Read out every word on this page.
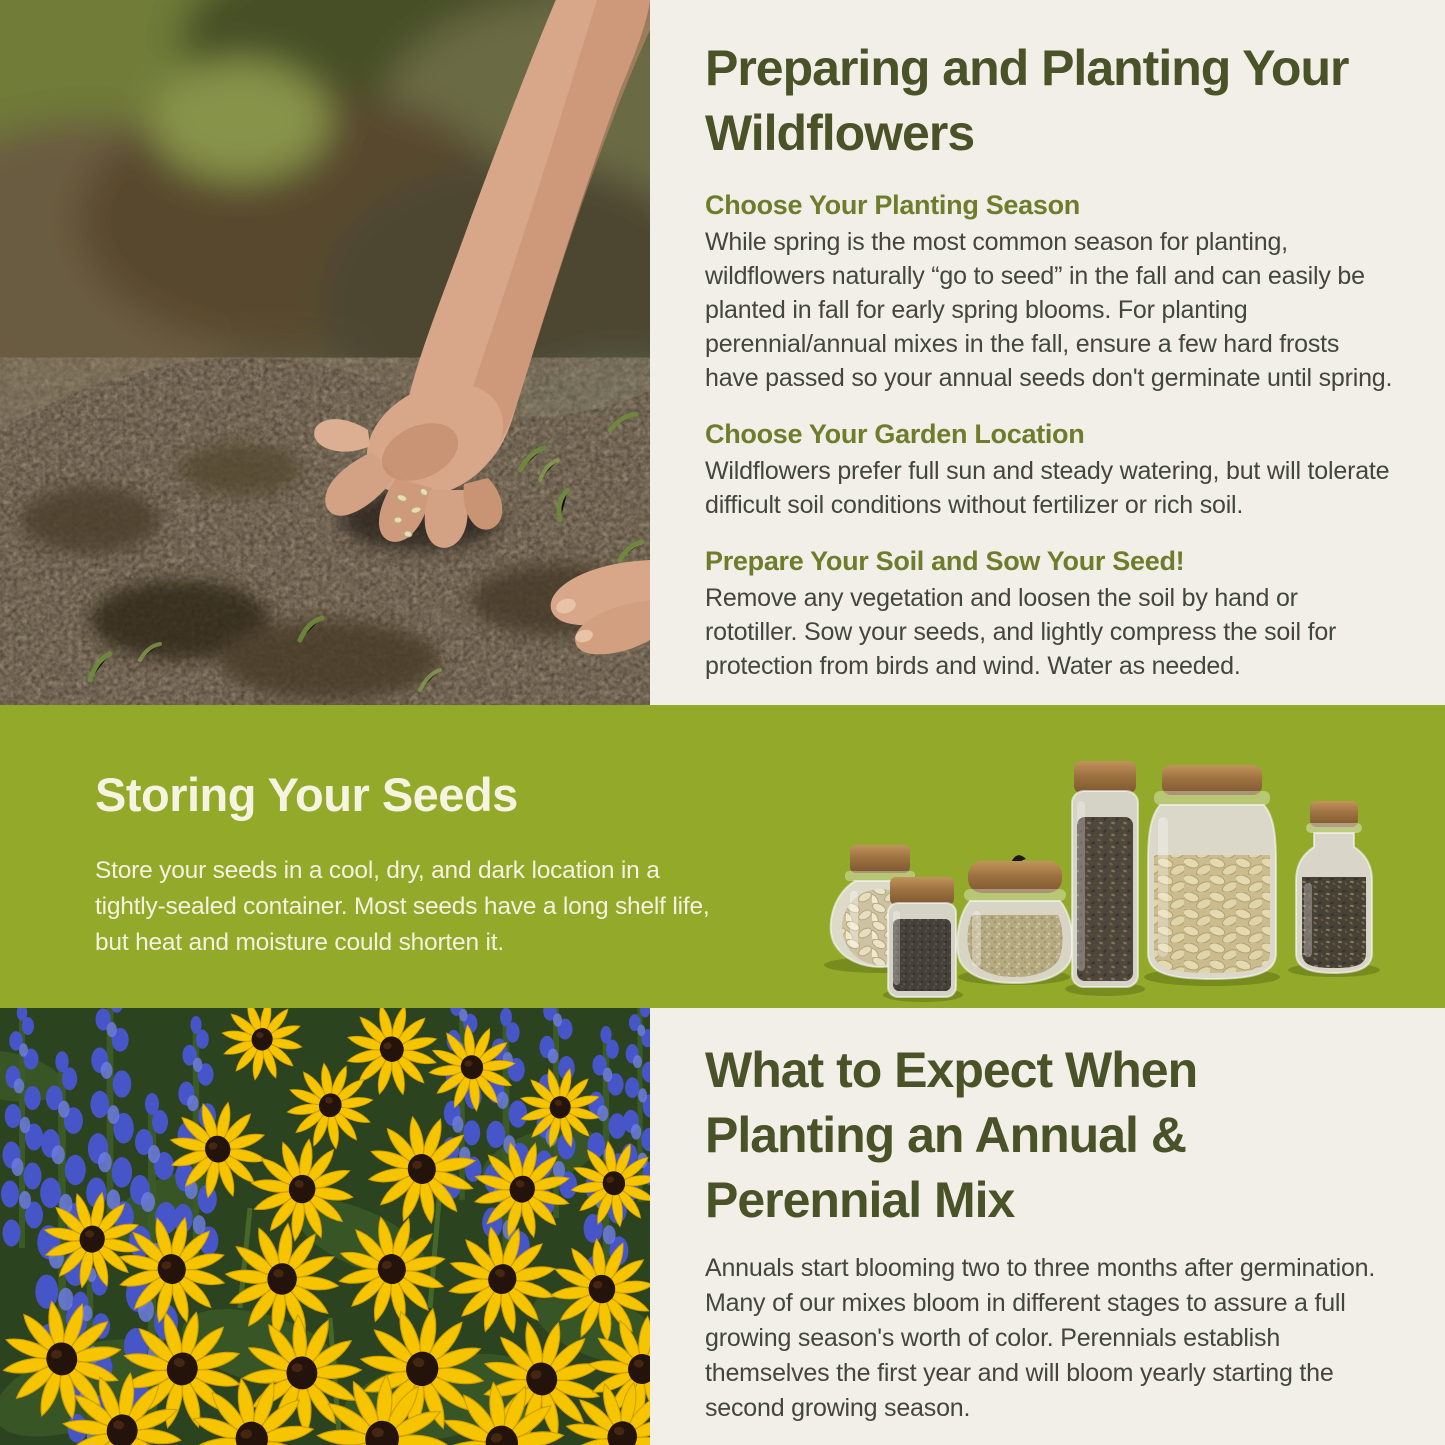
Preparing and Planting Your Wildflowers

Choose Your Planting Season

While spring is the most common season for planting, wildflowers naturally “go to seed” in the fall and can easily be planted in fall for early spring blooms. For planting perennial/annual mixes in the fall, ensure a few hard frosts have passed so your annual seeds don't germinate until spring.

Choose Your Garden Location

Wildflowers prefer full sun and steady watering, but will tolerate difficult soil conditions without fertilizer or rich soil.

Prepare Your Soil and Sow Your Seed!

Remove any vegetation and loosen the soil by hand or rototiller. Sow your seeds, and lightly compress the soil for protection from birds and wind. Water as needed.

Storing Your Seeds

Store your seeds in a cool, dry, and dark location in a tightly-sealed container. Most seeds have a long shelf life, but heat and moisture could shorten it.

What to Expect When Planting an Annual & Perennial Mix

Annuals start blooming two to three months after germination. Many of our mixes bloom in different stages to assure a full growing season's worth of color. Perennials establish themselves the first year and will bloom yearly starting the second growing season.
